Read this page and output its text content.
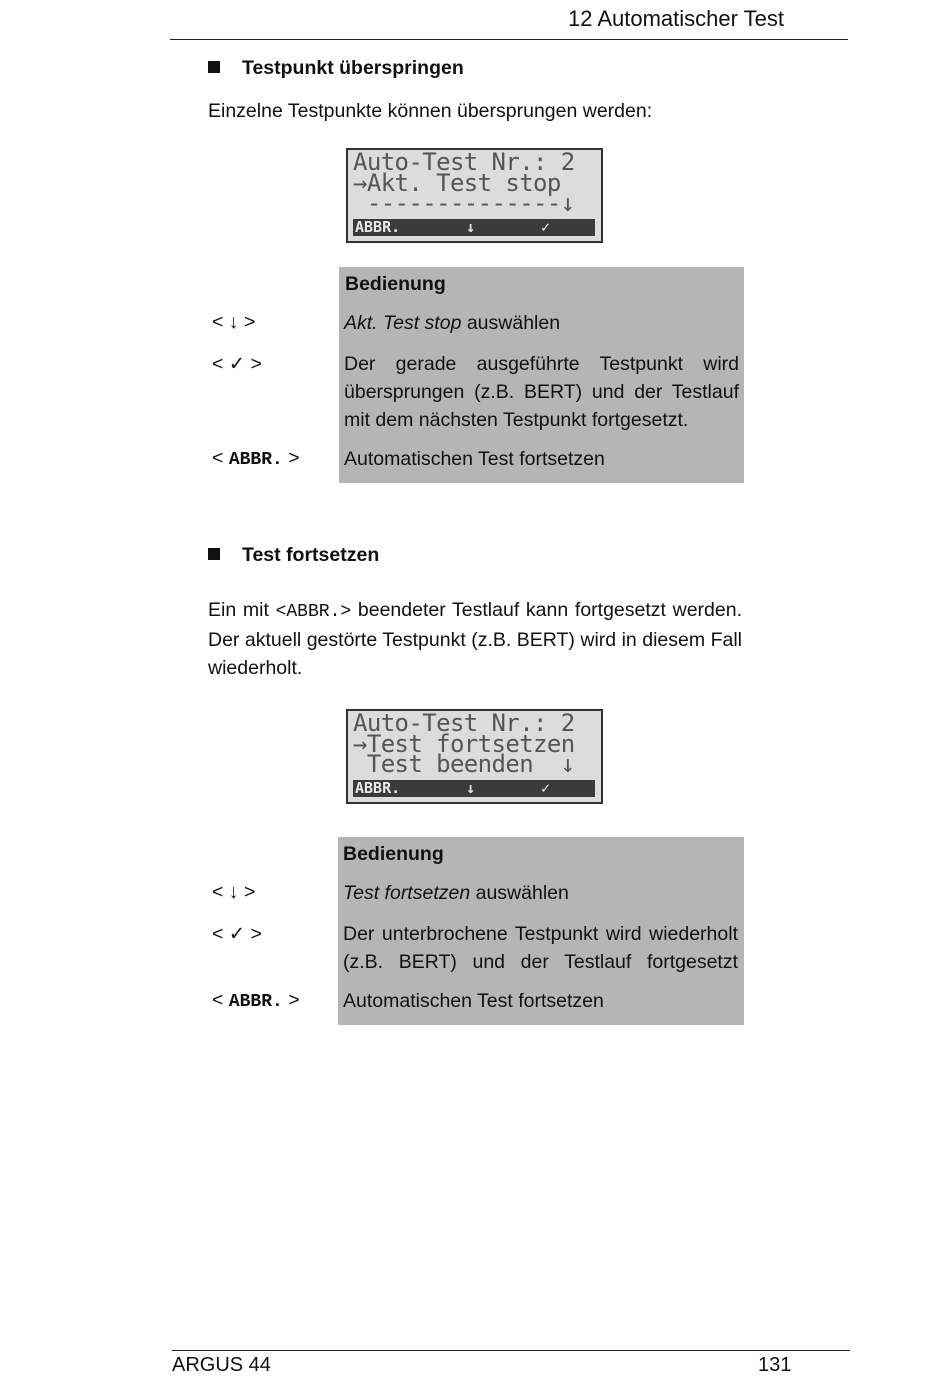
12 Automatischer Test
Testpunkt überspringen
Einzelne Testpunkte können übersprungen werden:
Auto-Test Nr.: 2
→Akt. Test stop
--------------↓
ABBR.	↓	✓
Bedienung
< ↓ >	Akt. Test stop auswählen
< ✓ >	Der gerade ausgeführte Testpunkt wird übersprungen (z.B. BERT) und der Testlauf mit dem nächsten Testpunkt fortgesetzt.
< ABBR. > Automatischen Test fortsetzen
Test fortsetzen
Ein mit <ABBR.> beendeter Testlauf kann fortgesetzt werden. Der aktuell gestörte Testpunkt (z.B. BERT) wird in diesem Fall wiederholt.
Auto-Test Nr.: 2
→Test fortsetzen
Test beenden  ↓
ABBR.	↓	✓
Bedienung
< ↓ >	Test fortsetzen auswählen
< ✓ >	Der unterbrochene Testpunkt wird wiederholt (z.B. BERT) und der Testlauf fortgesetzt
< ABBR. > Automatischen Test fortsetzen
ARGUS 44	131
